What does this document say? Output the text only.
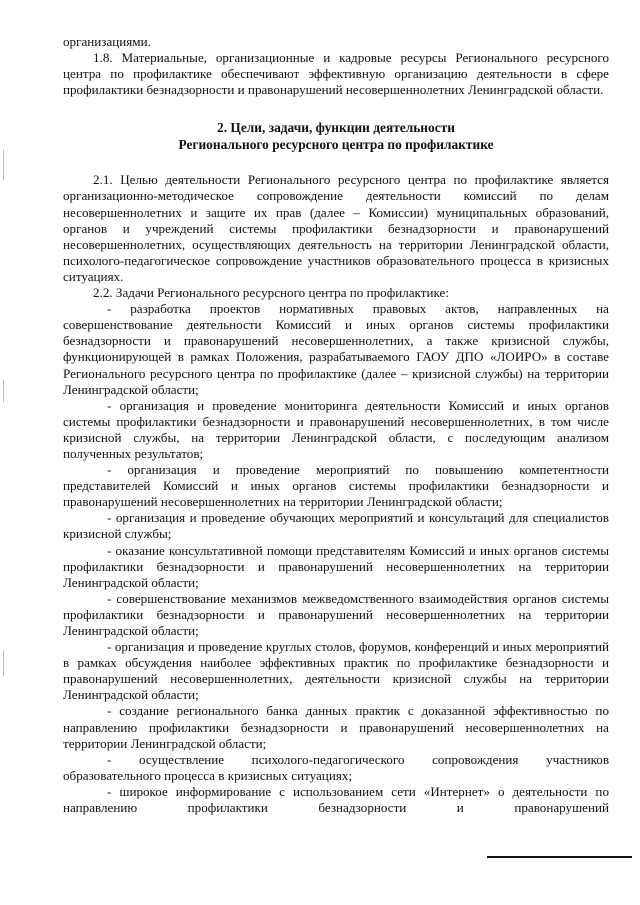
организациями.

1.8. Материальные, организационные и кадровые ресурсы Регионального ресурсного центра по профилактике обеспечивают эффективную организацию деятельности в сфере профилактики безнадзорности и правонарушений несовершеннолетних Ленинградской области.

2. Цели, задачи, функции деятельности
Регионального ресурсного центра по профилактике

2.1. Целью деятельности Регионального ресурсного центра по профилактике является организационно-методическое сопровождение деятельности комиссий по делам несовершеннолетних и защите их прав (далее – Комиссии) муниципальных образований, органов и учреждений системы профилактики безнадзорности и правонарушений несовершеннолетних, осуществляющих деятельность на территории Ленинградской области, психолого-педагогическое сопровождение участников образовательного процесса в кризисных ситуациях.

2.2. Задачи Регионального ресурсного центра по профилактике:

- разработка проектов нормативных правовых актов, направленных на совершенствование деятельности Комиссий и иных органов системы профилактики безнадзорности и правонарушений несовершеннолетних, а также кризисной службы, функционирующей в рамках Положения, разрабатываемого ГАОУ ДПО «ЛОИРО» в составе Регионального ресурсного центра по профилактике (далее – кризисной службы) на территории Ленинградской области;

- организация и проведение мониторинга деятельности Комиссий и иных органов системы профилактики безнадзорности и правонарушений несовершеннолетних, в том числе кризисной службы, на территории Ленинградской области, с последующим анализом полученных результатов;

- организация и проведение мероприятий по повышению компетентности представителей Комиссий и иных органов системы профилактики безнадзорности и правонарушений несовершеннолетних на территории Ленинградской области;

- организация и проведение обучающих мероприятий и консультаций для специалистов кризисной службы;

- оказание консультативной помощи представителям Комиссий и иных органов системы профилактики безнадзорности и правонарушений несовершеннолетних на территории Ленинградской области;

- совершенствование механизмов межведомственного взаимодействия органов системы профилактики безнадзорности и правонарушений несовершеннолетних на территории Ленинградской области;

- организация и проведение круглых столов, форумов, конференций и иных мероприятий в рамках обсуждения наиболее эффективных практик по профилактике безнадзорности и правонарушений несовершеннолетних, деятельности кризисной службы на территории Ленинградской области;

- создание регионального банка данных практик с доказанной эффективностью по направлению профилактики безнадзорности и правонарушений несовершеннолетних на территории Ленинградской области;

- осуществление психолого-педагогического сопровождения участников образовательного процесса в кризисных ситуациях;

- широкое информирование с использованием сети «Интернет» о деятельности по направлению профилактики безнадзорности и правонарушений
